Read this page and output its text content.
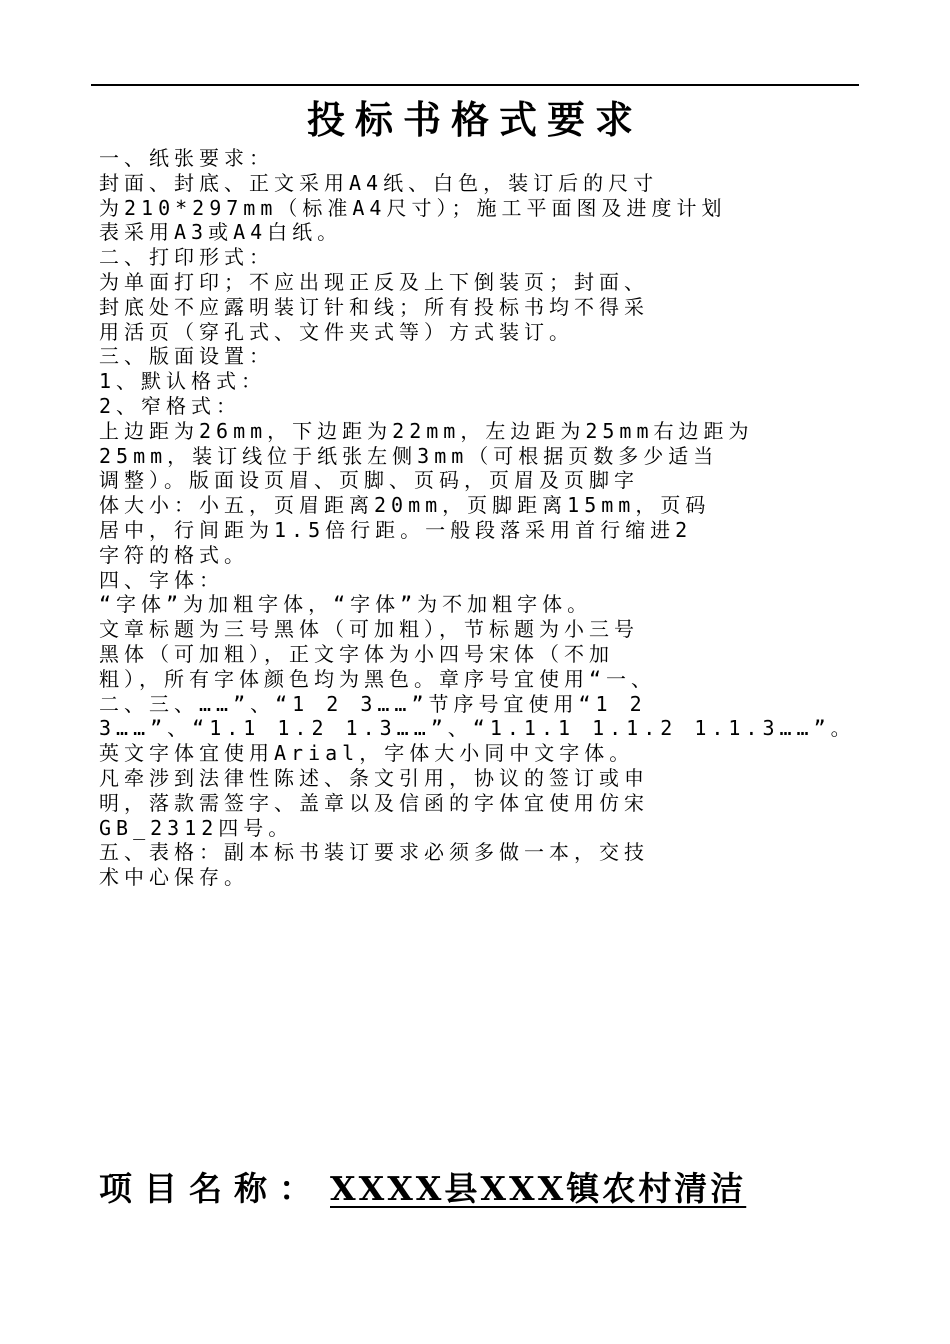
投标书格式要求
一、纸张要求：
封面、封底、正文采用A4纸、白色，装订后的尺寸
为210*297mm（标准A4尺寸）；施工平面图及进度计划
表采用A3或A4白纸。
二、打印形式：
为单面打印；不应出现正反及上下倒装页；封面、
封底处不应露明装订针和线；所有投标书均不得采
用活页（穿孔式、文件夹式等）方式装订。
三、版面设置：
1、默认格式：
2、窄格式：
上边距为26mm，下边距为22mm，左边距为25mm右边距为
25mm，装订线位于纸张左侧3mm（可根据页数多少适当
调整）。版面设页眉、页脚、页码，页眉及页脚字
体大小：小五，页眉距离20mm，页脚距离15mm，页码
居中，行间距为1.5倍行距。一般段落采用首行缩进2
字符的格式。
四、字体：
“字体”为加粗字体，“字体”为不加粗字体。
文章标题为三号黑体（可加粗），节标题为小三号
黑体（可加粗），正文字体为小四号宋体（不加
粗），所有字体颜色均为黑色。章序号宜使用“一、
二、三、……”、“1 2 3……”节序号宜使用“1 2
3……”、“1.1 1.2 1.3……”、“1.1.1 1.1.2 1.1.3……”。
英文字体宜使用Arial，字体大小同中文字体。
凡牵涉到法律性陈述、条文引用，协议的签订或申
明，落款需签字、盖章以及信函的字体宜使用仿宋
GB_2312四号。
五、表格：副本标书装订要求必须多做一本，交技
术中心保存。
项目名称： XXXX县XXX镇农村清洁
